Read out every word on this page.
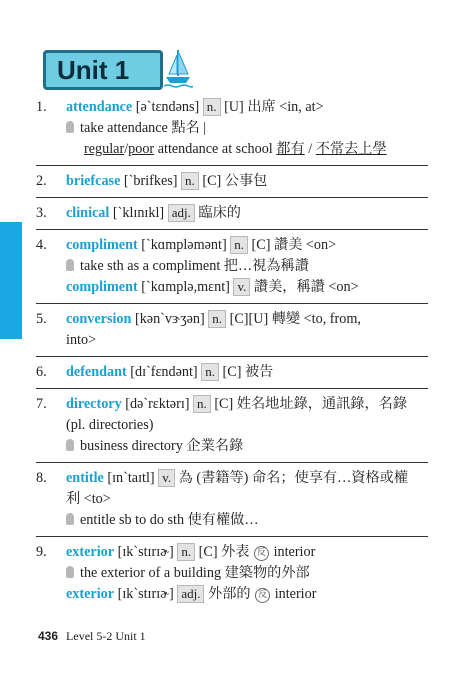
Unit 1
1. attendance [ə`tɛndəns] n. [U] 出席 <in, at>
take attendance 點名 |
regular/poor attendance at school 都有 / 不常去上學
2. briefcase [`brifkes] n. [C] 公事包
3. clinical [`klɪnɪkl] adj. 臨床的
4. compliment [`kɑmpləmənt] n. [C] 讚美 <on>
take sth as a compliment 把…視為稱讚
compliment [`kɑmplə,mɛnt] v. 讚美，稱讚 <on>
5. conversion [kən`vɝʒən] n. [C][U] 轉變 <to, from,
into>
6. defendant [dɪ`fɛndənt] n. [C] 被告
7. directory [də`rɛktərɪ] n. [C] 姓名地址錄，通訊錄，名錄
(pl. directories)
business directory 企業名錄
8. entitle [ɪn`taɪtl] v. 為 (書籍等) 命名；使享有…資格或權
利 <to>
entitle sb to do sth 使有權做…
9. exterior [ɪk`stɪrɪɚ] n. [C] 外表 反 interior
the exterior of a building 建築物的外部
exterior [ɪk`stɪrɪɚ] adj. 外部的 反 interior
436 Level 5-2 Unit 1
